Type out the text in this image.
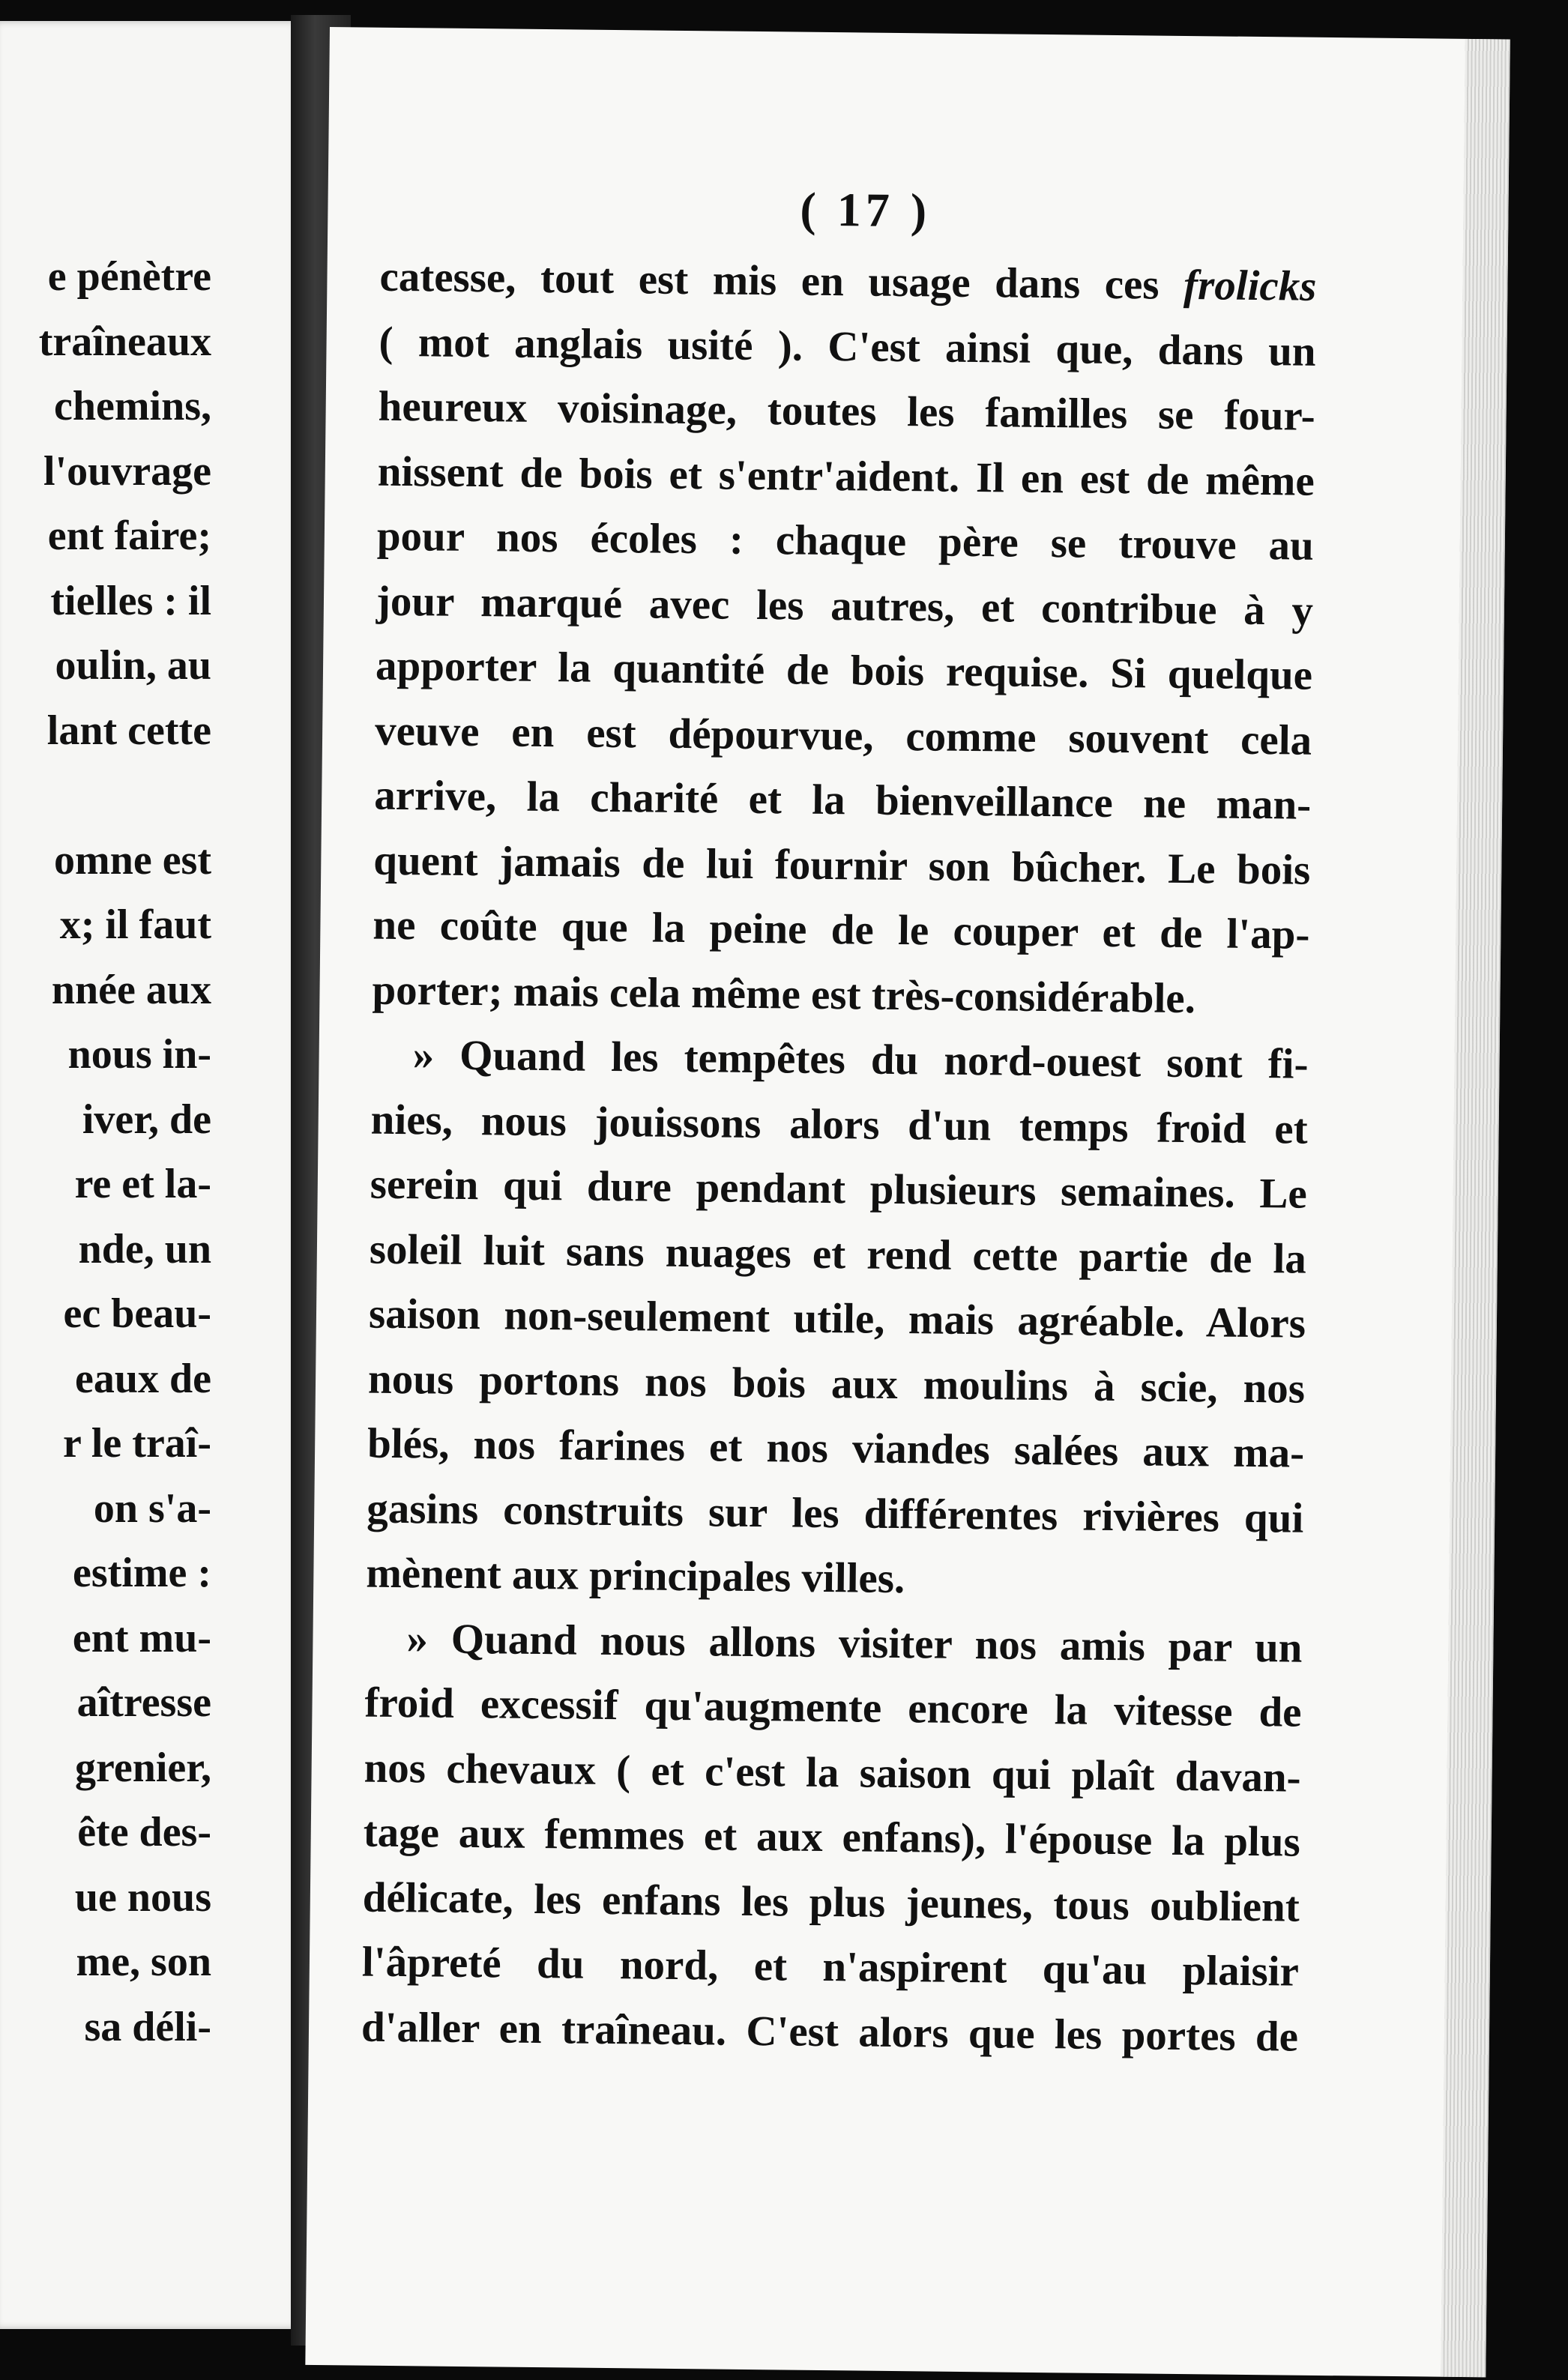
e pénètre
traîneaux
chemins,
l'ouvrage
ent faire;
tielles : il
oulin, au
lant cette

omne est
x; il faut
nnée aux
nous in-
iver, de
re et la-
nde, un
ec beau-
eaux de
r le traî-
on s'a-
estime :
ent mu-
aîtresse
grenier,
ête des-
ue nous
me, son
sa déli-
( 17 )
catesse, tout est mis en usage dans ces frolicks
( mot anglais usité ). C'est ainsi que, dans un
heureux voisinage, toutes les familles se four-
nissent de bois et s'entr'aident. Il en est de même
pour nos écoles : chaque père se trouve au
jour marqué avec les autres, et contribue à y
apporter la quantité de bois requise. Si quelque
veuve en est dépourvue, comme souvent cela
arrive, la charité et la bienveillance ne man-
quent jamais de lui fournir son bûcher. Le bois
ne coûte que la peine de le couper et de l'ap-
porter; mais cela même est très-considérable.
» Quand les tempêtes du nord-ouest sont fi-
nies, nous jouissons alors d'un temps froid et
serein qui dure pendant plusieurs semaines. Le
soleil luit sans nuages et rend cette partie de la
saison non-seulement utile, mais agréable. Alors
nous portons nos bois aux moulins à scie, nos
blés, nos farines et nos viandes salées aux ma-
gasins construits sur les différentes rivières qui
mènent aux principales villes.
» Quand nous allons visiter nos amis par un
froid excessif qu'augmente encore la vitesse de
nos chevaux ( et c'est la saison qui plaît davan-
tage aux femmes et aux enfans), l'épouse la plus
délicate, les enfans les plus jeunes, tous oublient
l'âpreté du nord, et n'aspirent qu'au plaisir
d'aller en traîneau. C'est alors que les portes de
